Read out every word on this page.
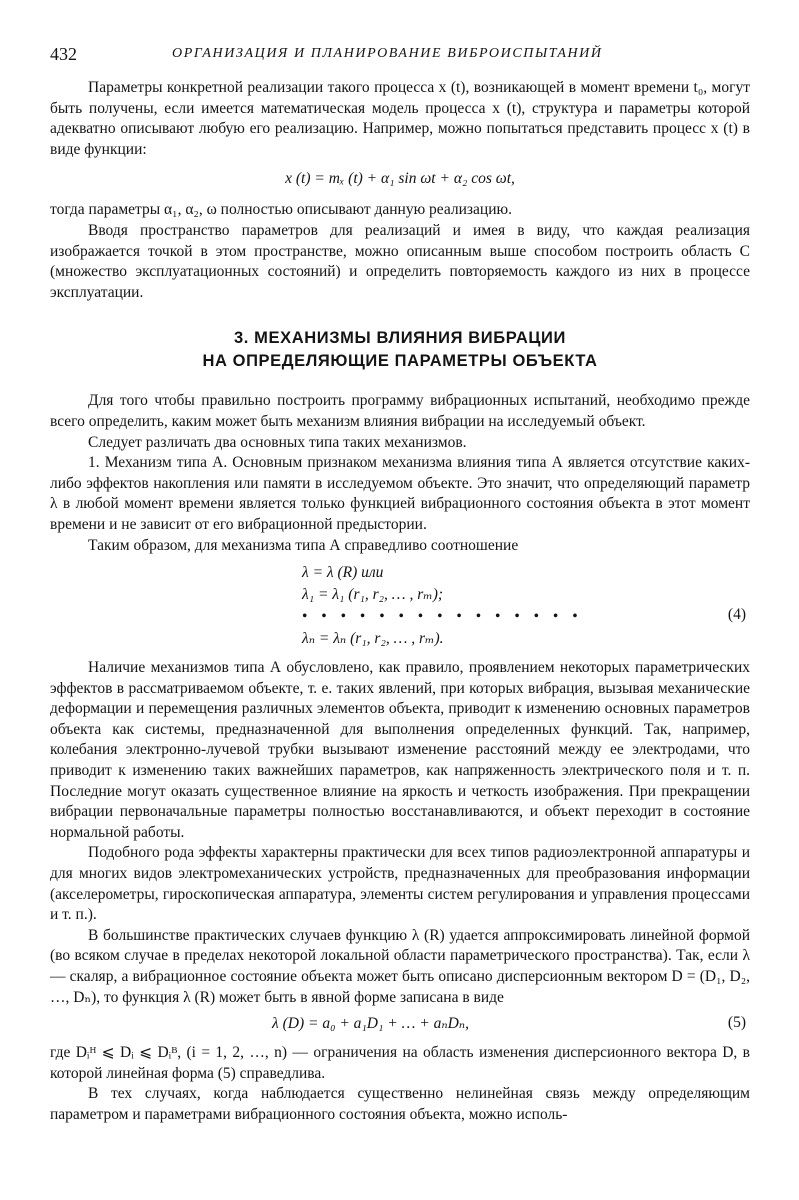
432	ОРГАНИЗАЦИЯ И ПЛАНИРОВАНИЕ ВИБРОИСПЫТАНИЙ

Параметры конкретной реализации такого процесса x (t), возникающей в момент времени t₀, могут быть получены, если имеется математическая модель процесса x (t), структура и параметры которой адекватно описывают любую его реализацию. Например, можно попытаться представить процесс x (t) в виде функции:

x (t) = mₓ (t) + α₁ sin ωt + α₂ cos ωt,

тогда параметры α₁, α₂, ω полностью описывают данную реализацию.

Вводя пространство параметров для реализаций и имея в виду, что каждая реализация изображается точкой в этом пространстве, можно описанным выше способом построить область C (множество эксплуатационных состояний) и определить повторяемость каждого из них в процессе эксплуатации.

3. МЕХАНИЗМЫ ВЛИЯНИЯ ВИБРАЦИИ
НА ОПРЕДЕЛЯЮЩИЕ ПАРАМЕТРЫ ОБЪЕКТА

Для того чтобы правильно построить программу вибрационных испытаний, необходимо прежде всего определить, каким может быть механизм влияния вибрации на исследуемый объект.

Следует различать два основных типа таких механизмов.

1. Механизм типа А. Основным признаком механизма влияния типа А является отсутствие каких-либо эффектов накопления или памяти в исследуемом объекте. Это значит, что определяющий параметр λ в любой момент времени является только функцией вибрационного состояния объекта в этот момент времени и не зависит от его вибрационной предыстории.

Таким образом, для механизма типа А справедливо соотношение

λ = λ (R) или
λ₁ = λ₁ (r₁, r₂, … , rₘ);
• • • • • • • • • • • • • • •
λₙ = λₙ (r₁, r₂, … , rₘ).
(4)

Наличие механизмов типа А обусловлено, как правило, проявлением некоторых параметрических эффектов в рассматриваемом объекте, т. е. таких явлений, при которых вибрация, вызывая механические деформации и перемещения различных элементов объекта, приводит к изменению основных параметров объекта как системы, предназначенной для выполнения определенных функций. Так, например, колебания электронно-лучевой трубки вызывают изменение расстояний между ее электродами, что приводит к изменению таких важнейших параметров, как напряженность электрического поля и т. п. Последние могут оказать существенное влияние на яркость и четкость изображения. При прекращении вибрации первоначальные параметры полностью восстанавливаются, и объект переходит в состояние нормальной работы.

Подобного рода эффекты характерны практически для всех типов радиоэлектронной аппаратуры и для многих видов электромеханических устройств, предназначенных для преобразования информации (акселерометры, гироскопическая аппаратура, элементы систем регулирования и управления процессами и т. п.).

В большинстве практических случаев функцию λ (R) удается аппроксимировать линейной формой (во всяком случае в пределах некоторой локальной области параметрического пространства). Так, если λ — скаляр, а вибрационное состояние объекта может быть описано дисперсионным вектором D = (D₁, D₂, …, Dₙ), то функция λ (R) может быть в явной форме записана в виде

λ (D) = a₀ + a₁D₁ + … + aₙDₙ,	(5)

где Dᵢᴴ ⩽ Dᵢ ⩽ Dᵢᴮ, (i = 1, 2, …, n) — ограничения на область изменения дисперсионного вектора D, в которой линейная форма (5) справедлива.

В тех случаях, когда наблюдается существенно нелинейная связь между определяющим параметром и параметрами вибрационного состояния объекта, можно исполь-
